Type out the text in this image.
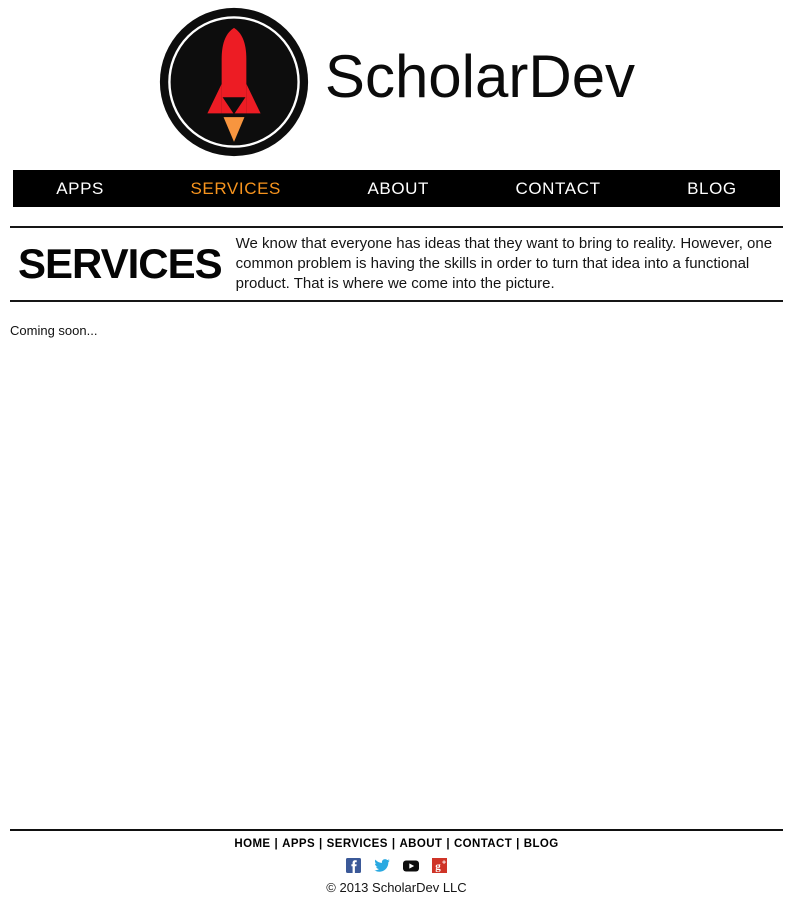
ScholarDev
APPS	SERVICES	ABOUT	CONTACT	BLOG
SERVICES We know that everyone has ideas that they want to bring to reality. However, one common problem is having the skills in order to turn that idea into a functional product. That is where we come into the picture.

Coming soon...
HOME | APPS | SERVICES | ABOUT | CONTACT | BLOG
g +
© 2013 ScholarDev LLC
